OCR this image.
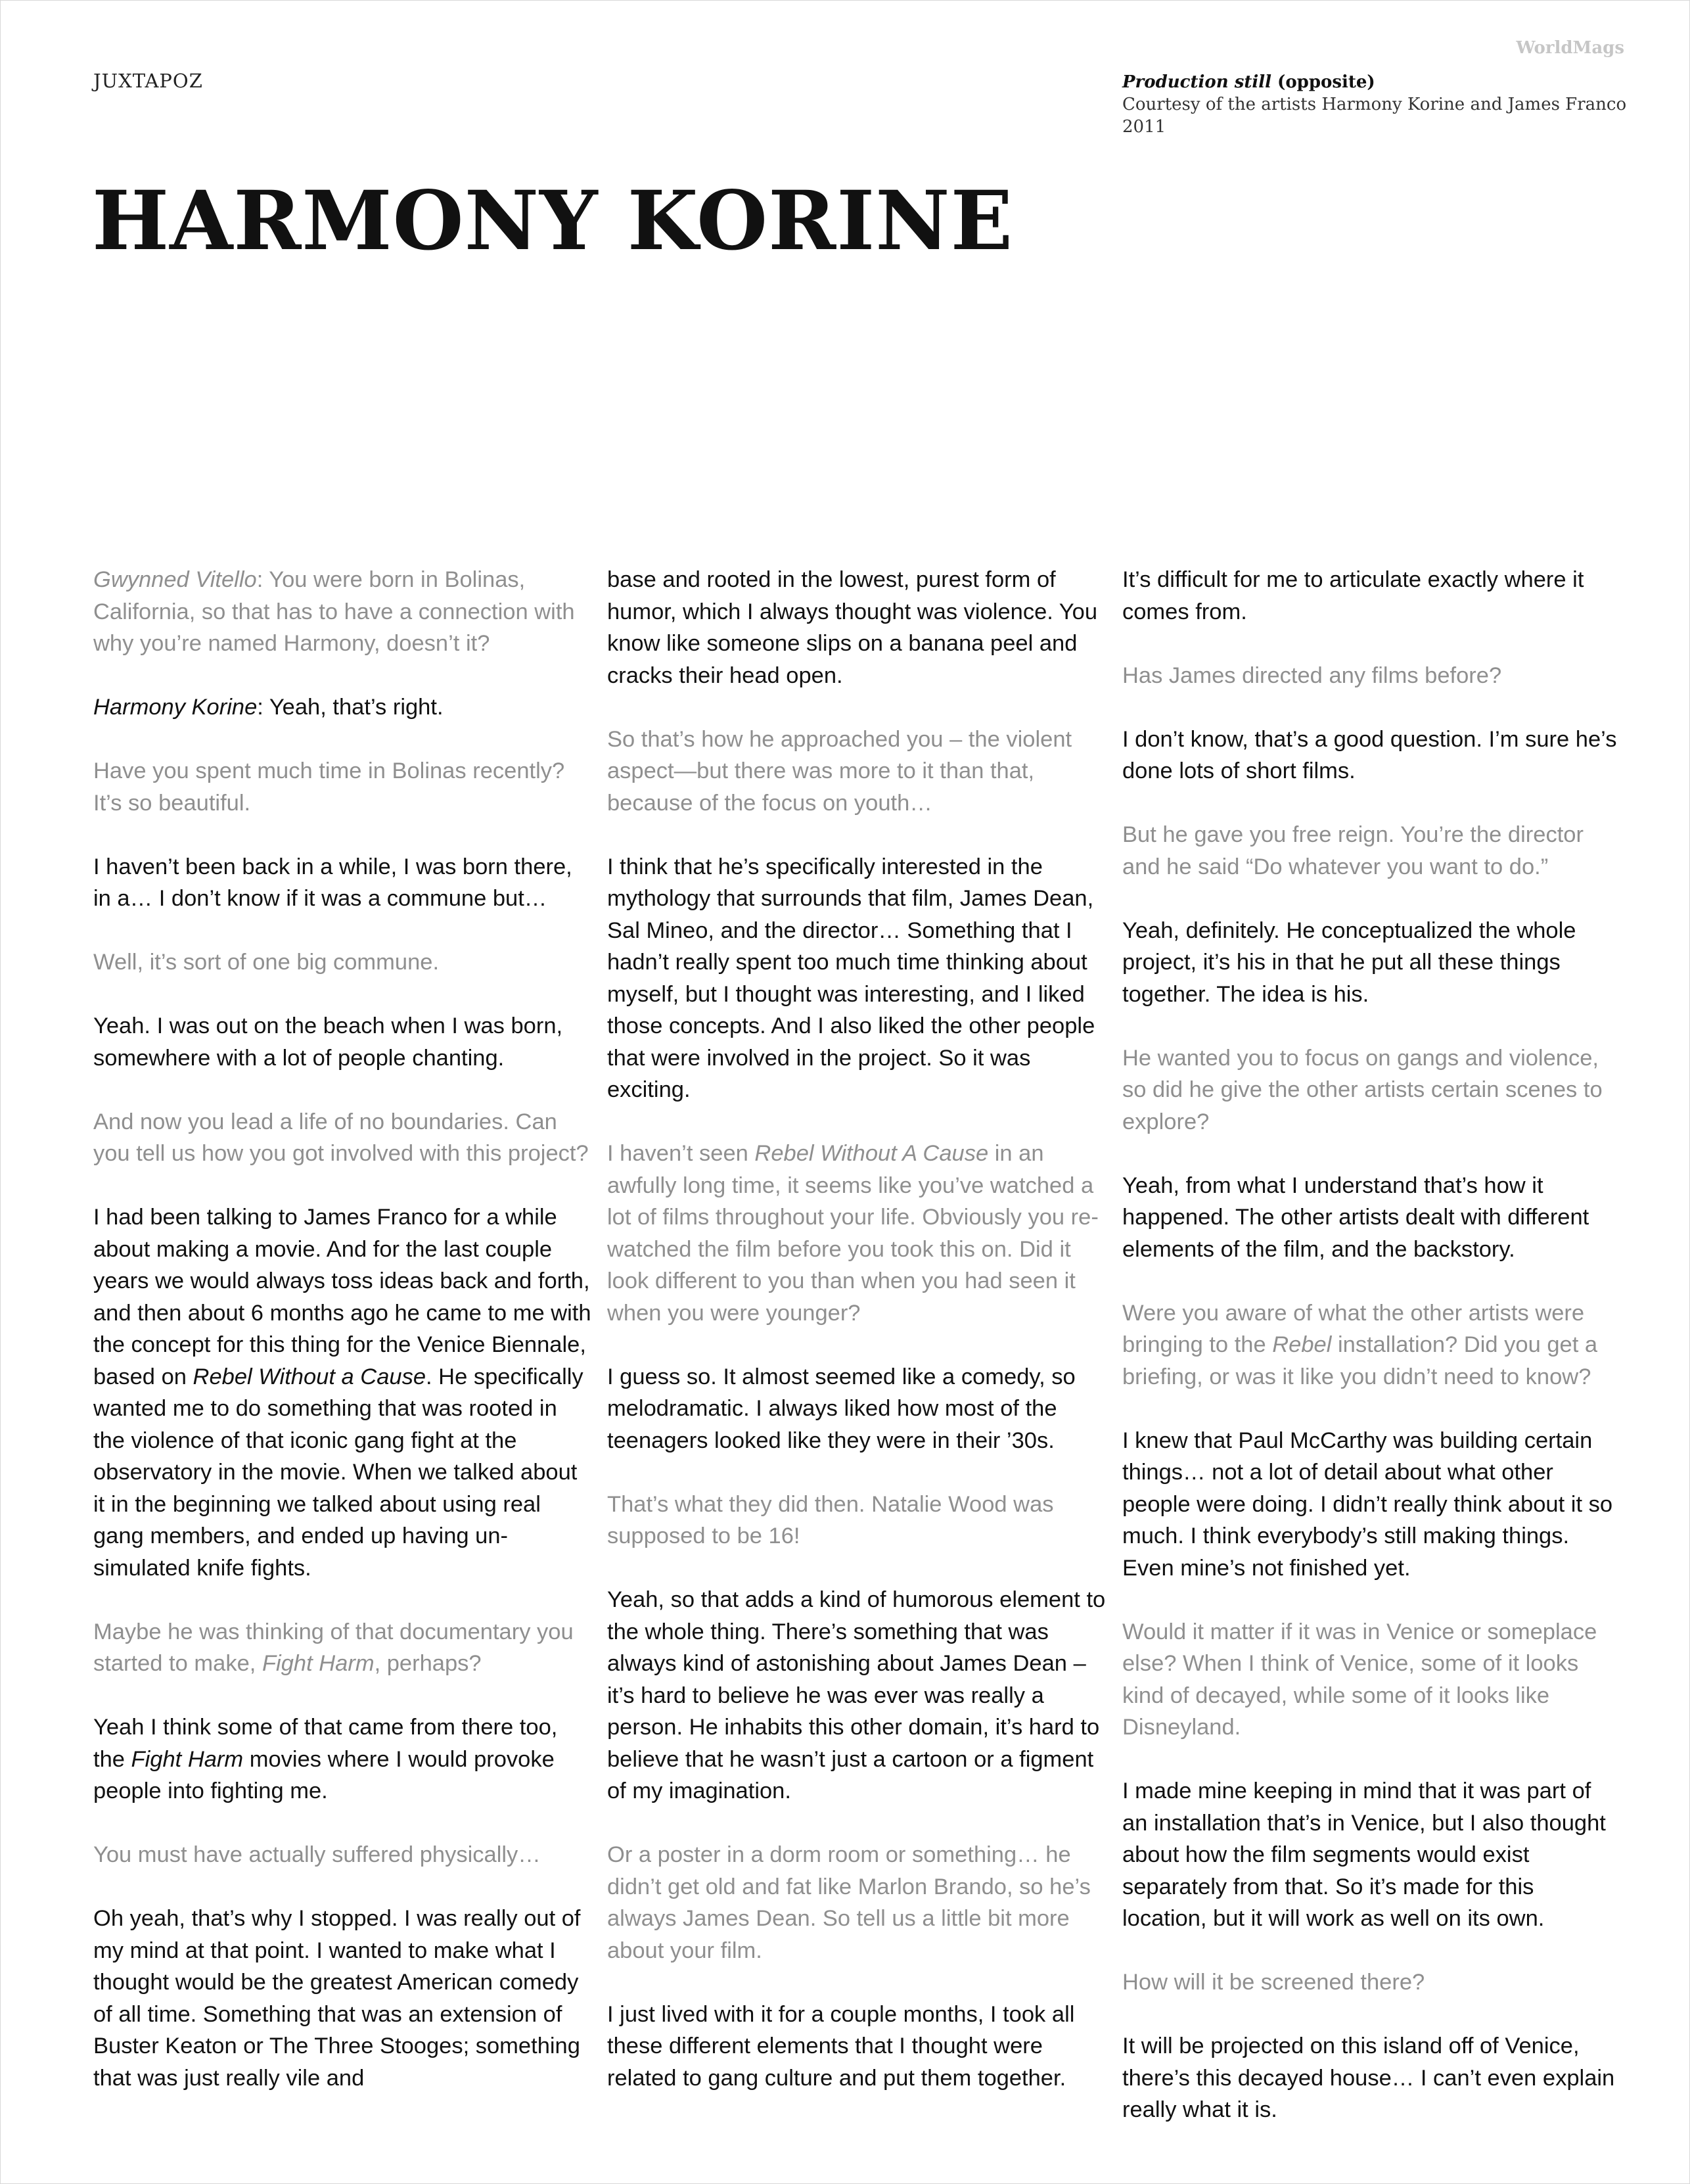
WorldMags
JUXTAPOZ	Production still (opposite)
Courtesy of the artists Harmony Korine and James Franco
2011
HARMONY KORINE

Gwynned Vitello: You were born in Bolinas, California, so that has to have a connection with why you’re named Harmony, doesn’t it?

Harmony Korine: Yeah, that’s right.

Have you spent much time in Bolinas recently? It’s so beautiful.

I haven’t been back in a while, I was born there, in a… I don’t know if it was a commune but…

Well, it’s sort of one big commune.

Yeah. I was out on the beach when I was born, somewhere with a lot of people chanting.

And now you lead a life of no boundaries. Can you tell us how you got involved with this project?

I had been talking to James Franco for a while about making a movie. And for the last couple years we would always toss ideas back and forth, and then about 6 months ago he came to me with the concept for this thing for the Venice Biennale, based on Rebel Without a Cause. He specifically wanted me to do something that was rooted in the violence of that iconic gang fight at the observatory in the movie. When we talked about it in the beginning we talked about using real gang members, and ended up having un-simulated knife fights.

Maybe he was thinking of that documentary you started to make, Fight Harm, perhaps?

Yeah I think some of that came from there too, the Fight Harm movies where I would provoke people into fighting me.

You must have actually suffered physically…

Oh yeah, that’s why I stopped. I was really out of my mind at that point. I wanted to make what I thought would be the greatest American comedy of all time. Something that was an extension of Buster Keaton or The Three Stooges; something that was just really vile and

base and rooted in the lowest, purest form of humor, which I always thought was violence. You know like someone slips on a banana peel and cracks their head open.

So that’s how he approached you – the violent aspect—but there was more to it than that, because of the focus on youth…

I think that he’s specifically interested in the mythology that surrounds that film, James Dean, Sal Mineo, and the director… Something that I hadn’t really spent too much time thinking about myself, but I thought was interesting, and I liked those concepts. And I also liked the other people that were involved in the project. So it was exciting.

I haven’t seen Rebel Without A Cause in an awfully long time, it seems like you’ve watched a lot of films throughout your life. Obviously you re-watched the film before you took this on. Did it look different to you than when you had seen it when you were younger?

I guess so. It almost seemed like a comedy, so melodramatic. I always liked how most of the teenagers looked like they were in their ’30s.

That’s what they did then. Natalie Wood was supposed to be 16!

Yeah, so that adds a kind of humorous element to the whole thing. There’s something that was always kind of astonishing about James Dean – it’s hard to believe he was ever was really a person. He inhabits this other domain, it’s hard to believe that he wasn’t just a cartoon or a figment of my imagination.

Or a poster in a dorm room or something… he didn’t get old and fat like Marlon Brando, so he’s always James Dean. So tell us a little bit more about your film.

I just lived with it for a couple months, I took all these different elements that I thought were related to gang culture and put them together.

It’s difficult for me to articulate exactly where it comes from.

Has James directed any films before?

I don’t know, that’s a good question. I’m sure he’s done lots of short films.

But he gave you free reign. You’re the director and he said “Do whatever you want to do.”

Yeah, definitely. He conceptualized the whole project, it’s his in that he put all these things together. The idea is his.

He wanted you to focus on gangs and violence, so did he give the other artists certain scenes to explore?

Yeah, from what I understand that’s how it happened. The other artists dealt with different elements of the film, and the backstory.

Were you aware of what the other artists were bringing to the Rebel installation? Did you get a briefing, or was it like you didn’t need to know?

I knew that Paul McCarthy was building certain things… not a lot of detail about what other people were doing. I didn’t really think about it so much. I think everybody’s still making things. Even mine’s not finished yet.

Would it matter if it was in Venice or someplace else? When I think of Venice, some of it looks kind of decayed, while some of it looks like Disneyland.

I made mine keeping in mind that it was part of an installation that’s in Venice, but I also thought about how the film segments would exist separately from that. So it’s made for this location, but it will work as well on its own.

How will it be screened there?

It will be projected on this island off of Venice, there’s this decayed house… I can’t even explain really what it is.
